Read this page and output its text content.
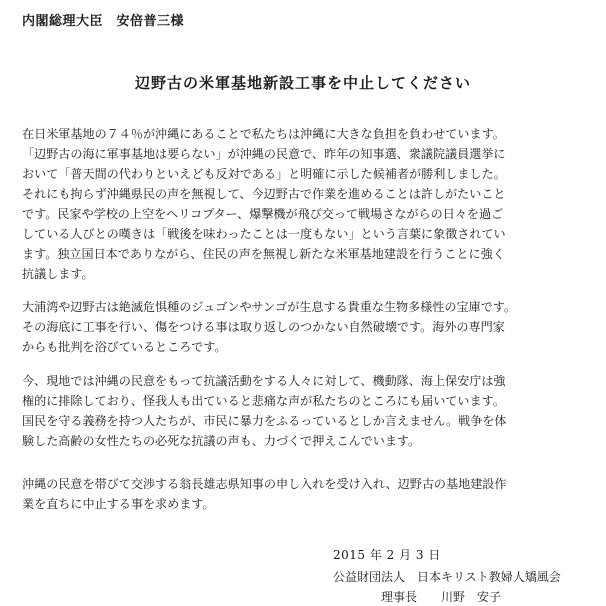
内閣総理大臣　安倍普三様
辺野古の米軍基地新設工事を中止してください

在日米軍基地の７４％が沖縄にあることで私たちは沖縄に大きな負担を負わせています。
「辺野古の海に軍事基地は要らない」が沖縄の民意で、昨年の知事選、衆議院議員選挙に
おいて「普天間の代わりといえども反対である」と明確に示した候補者が勝利しました。
それにも拘らず沖縄県民の声を無視して、今辺野古で作業を進めることは許しがたいこと
です。民家や学校の上空をヘリコプター、爆撃機が飛び交って戦場さながらの日々を過ご
している人びとの嘆きは「戦後を味わったことは一度もない」という言葉に象徴されてい
ます。独立国日本でありながら、住民の声を無視し新たな米軍基地建設を行うことに強く
抗議します。

大浦湾や辺野古は絶滅危惧種のジュゴンやサンゴが生息する貴重な生物多様性の宝庫です。
その海底に工事を行い、傷をつける事は取り返しのつかない自然破壊です。海外の専門家
からも批判を浴びているところです。

今、現地では沖縄の民意をもって抗議活動をする人々に対して、機動隊、海上保安庁は強
権的に排除しており、怪我人も出ていると悲痛な声が私たちのところにも届いています。
国民を守る義務を持つ人たちが、市民に暴力をふるっているとしか言えません。戦争を体
験した高齢の女性たちの必死な抗議の声も、力づくで押えこんでいます。

沖縄の民意を帯びて交渉する翁長雄志県知事の申し入れを受け入れ、辺野古の基地建設作
業を直ちに中止する事を求めます。

2015 年 2 月 3 日
公益財団法人　日本キリスト教婦人矯風会
理事長　　川野　安子
